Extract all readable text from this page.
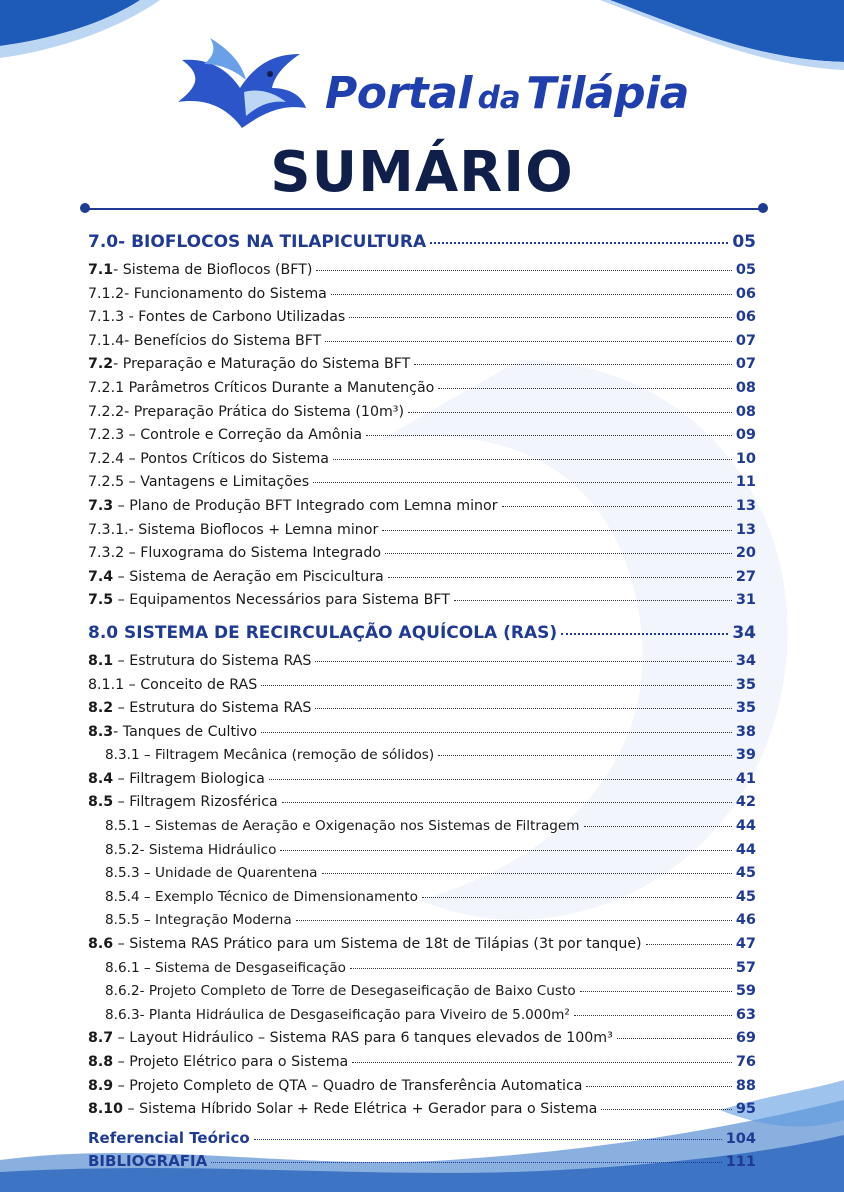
Portal da Tilápia
SUMÁRIO
7.0- BIOFLOCOS NA TILAPICULTURA	05
7.1- Sistema de Bioflocos (BFT)	05
7.1.2- Funcionamento do Sistema	06
7.1.3 - Fontes de Carbono Utilizadas	06
7.1.4- Benefícios do Sistema BFT	07
7.2- Preparação e Maturação do Sistema BFT	07
7.2.1 Parâmetros Críticos Durante a Manutenção	08
7.2.2- Preparação Prática do Sistema (10m³)	08
7.2.3 – Controle e Correção da Amônia	09
7.2.4 – Pontos Críticos do Sistema	10
7.2.5 – Vantagens e Limitações	11
7.3 – Plano de Produção BFT Integrado com Lemna minor	13
7.3.1.- Sistema Bioflocos + Lemna minor	13
7.3.2 – Fluxograma do Sistema Integrado	20
7.4 – Sistema de Aeração em Piscicultura	27
7.5 – Equipamentos Necessários para Sistema BFT	31
8.0 SISTEMA DE RECIRCULAÇÃO AQUÍCOLA (RAS)	34
8.1 – Estrutura do Sistema RAS	34
8.1.1 – Conceito de RAS	35
8.2 – Estrutura do Sistema RAS	35
8.3- Tanques de Cultivo	38
8.3.1 – Filtragem Mecânica (remoção de sólidos)	39
8.4 – Filtragem Biologica	41
8.5 – Filtragem Rizosférica	42
8.5.1 – Sistemas de Aeração e Oxigenação nos Sistemas de Filtragem	44
8.5.2- Sistema Hidráulico	44
8.5.3 – Unidade de Quarentena	45
8.5.4 – Exemplo Técnico de Dimensionamento	45
8.5.5 – Integração Moderna	46
8.6 – Sistema RAS Prático para um Sistema de 18t de Tilápias (3t por tanque)	47
8.6.1 – Sistema de Desgaseificação	57
8.6.2- Projeto Completo de Torre de Desegaseificação de Baixo Custo	59
8.6.3- Planta Hidráulica de Desgaseificação para Viveiro de 5.000m²	63
8.7 – Layout Hidráulico – Sistema RAS para 6 tanques elevados de 100m³	69
8.8 – Projeto Elétrico para o Sistema	76
8.9 – Projeto Completo de QTA – Quadro de Transferência Automatica	88
8.10 – Sistema Híbrido Solar + Rede Elétrica + Gerador para o Sistema	95
Referencial Teórico	104
BIBLIOGRAFIA	111
